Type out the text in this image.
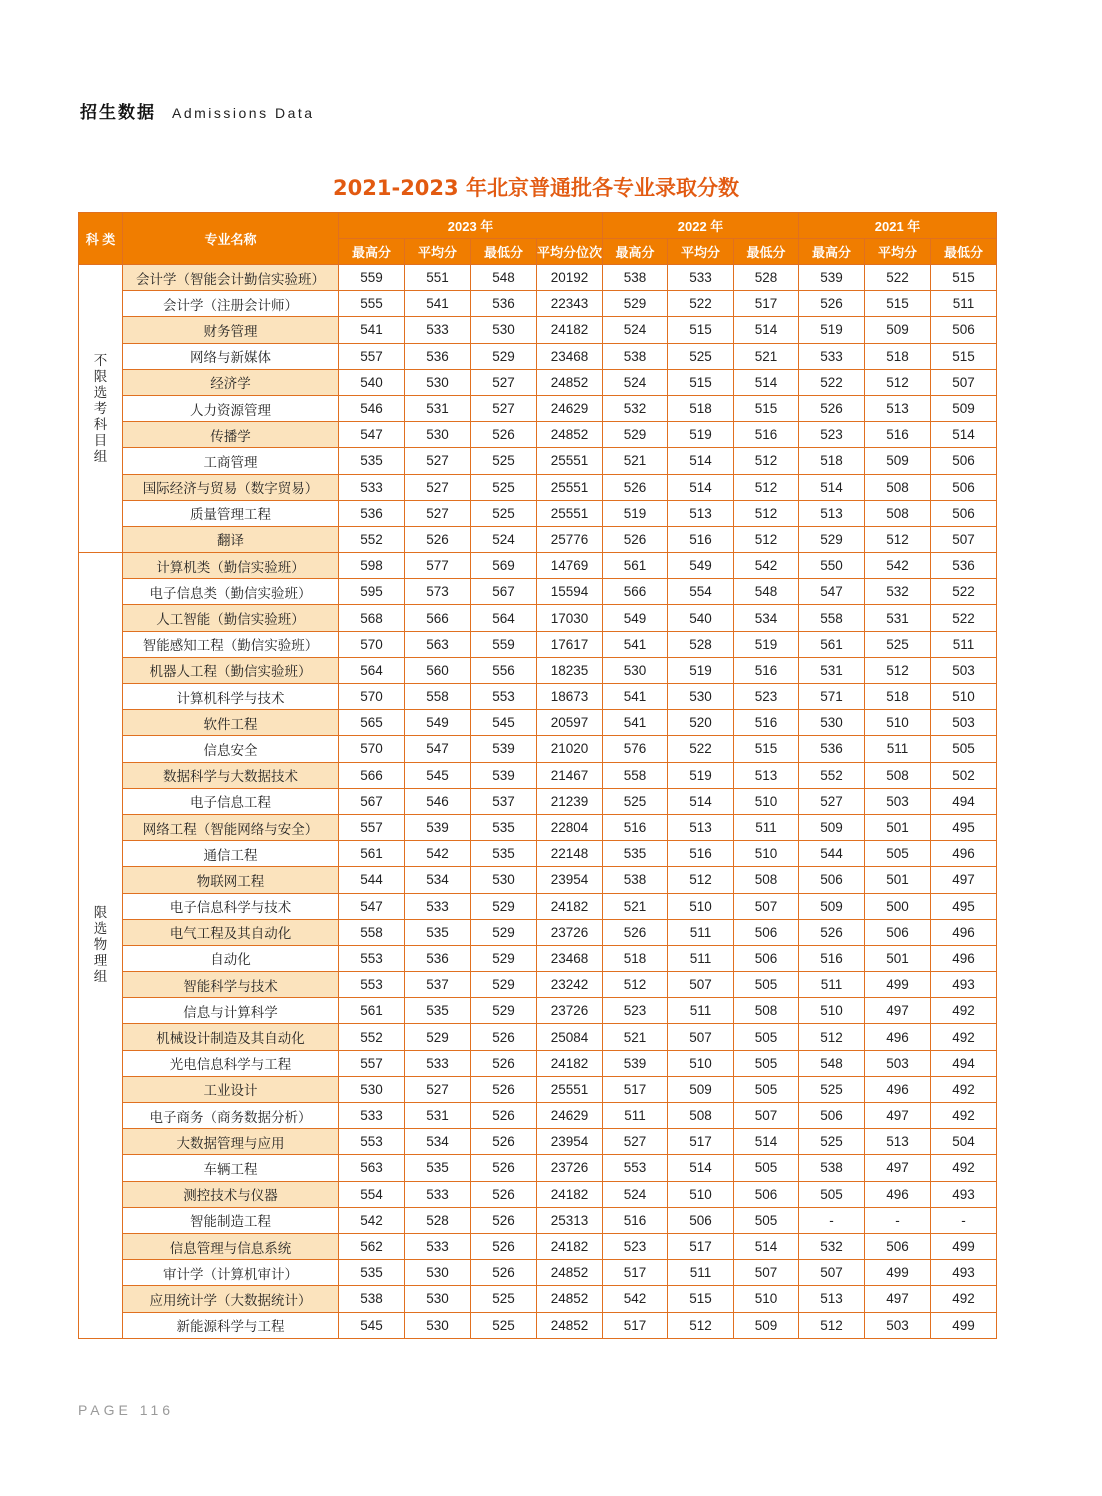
招生数据 Admissions Data
2021-2023 年北京普通批各专业录取分数
科 类	专业名称	2023 年				2022 年			2021 年		
		最高分	平均分	最低分	平均分位次	最高分	平均分	最低分	最高分	平均分	最低分
不限选考科目组	会计学（智能会计勤信实验班）	559	551	548	20192	538	533	528	539	522	515
	会计学（注册会计师）	555	541	536	22343	529	522	517	526	515	511
	财务管理	541	533	530	24182	524	515	514	519	509	506
	网络与新媒体	557	536	529	23468	538	525	521	533	518	515
	经济学	540	530	527	24852	524	515	514	522	512	507
	人力资源管理	546	531	527	24629	532	518	515	526	513	509
	传播学	547	530	526	24852	529	519	516	523	516	514
	工商管理	535	527	525	25551	521	514	512	518	509	506
	国际经济与贸易（数字贸易）	533	527	525	25551	526	514	512	514	508	506
	质量管理工程	536	527	525	25551	519	513	512	513	508	506
	翻译	552	526	524	25776	526	516	512	529	512	507
限选物理组	计算机类（勤信实验班）	598	577	569	14769	561	549	542	550	542	536
	电子信息类（勤信实验班）	595	573	567	15594	566	554	548	547	532	522
	人工智能（勤信实验班）	568	566	564	17030	549	540	534	558	531	522
	智能感知工程（勤信实验班）	570	563	559	17617	541	528	519	561	525	511
	机器人工程（勤信实验班）	564	560	556	18235	530	519	516	531	512	503
	计算机科学与技术	570	558	553	18673	541	530	523	571	518	510
	软件工程	565	549	545	20597	541	520	516	530	510	503
	信息安全	570	547	539	21020	576	522	515	536	511	505
	数据科学与大数据技术	566	545	539	21467	558	519	513	552	508	502
	电子信息工程	567	546	537	21239	525	514	510	527	503	494
	网络工程（智能网络与安全）	557	539	535	22804	516	513	511	509	501	495
	通信工程	561	542	535	22148	535	516	510	544	505	496
	物联网工程	544	534	530	23954	538	512	508	506	501	497
	电子信息科学与技术	547	533	529	24182	521	510	507	509	500	495
	电气工程及其自动化	558	535	529	23726	526	511	506	526	506	496
	自动化	553	536	529	23468	518	511	506	516	501	496
	智能科学与技术	553	537	529	23242	512	507	505	511	499	493
	信息与计算科学	561	535	529	23726	523	511	508	510	497	492
	机械设计制造及其自动化	552	529	526	25084	521	507	505	512	496	492
	光电信息科学与工程	557	533	526	24182	539	510	505	548	503	494
	工业设计	530	527	526	25551	517	509	505	525	496	492
	电子商务（商务数据分析）	533	531	526	24629	511	508	507	506	497	492
	大数据管理与应用	553	534	526	23954	527	517	514	525	513	504
	车辆工程	563	535	526	23726	553	514	505	538	497	492
	测控技术与仪器	554	533	526	24182	524	510	506	505	496	493
	智能制造工程	542	528	526	25313	516	506	505	-	-	-
	信息管理与信息系统	562	533	526	24182	523	517	514	532	506	499
	审计学（计算机审计）	535	530	526	24852	517	511	507	507	499	493
	应用统计学（大数据统计）	538	530	525	24852	542	515	510	513	497	492
	新能源科学与工程	545	530	525	24852	517	512	509	512	503	499
PAGE 116
